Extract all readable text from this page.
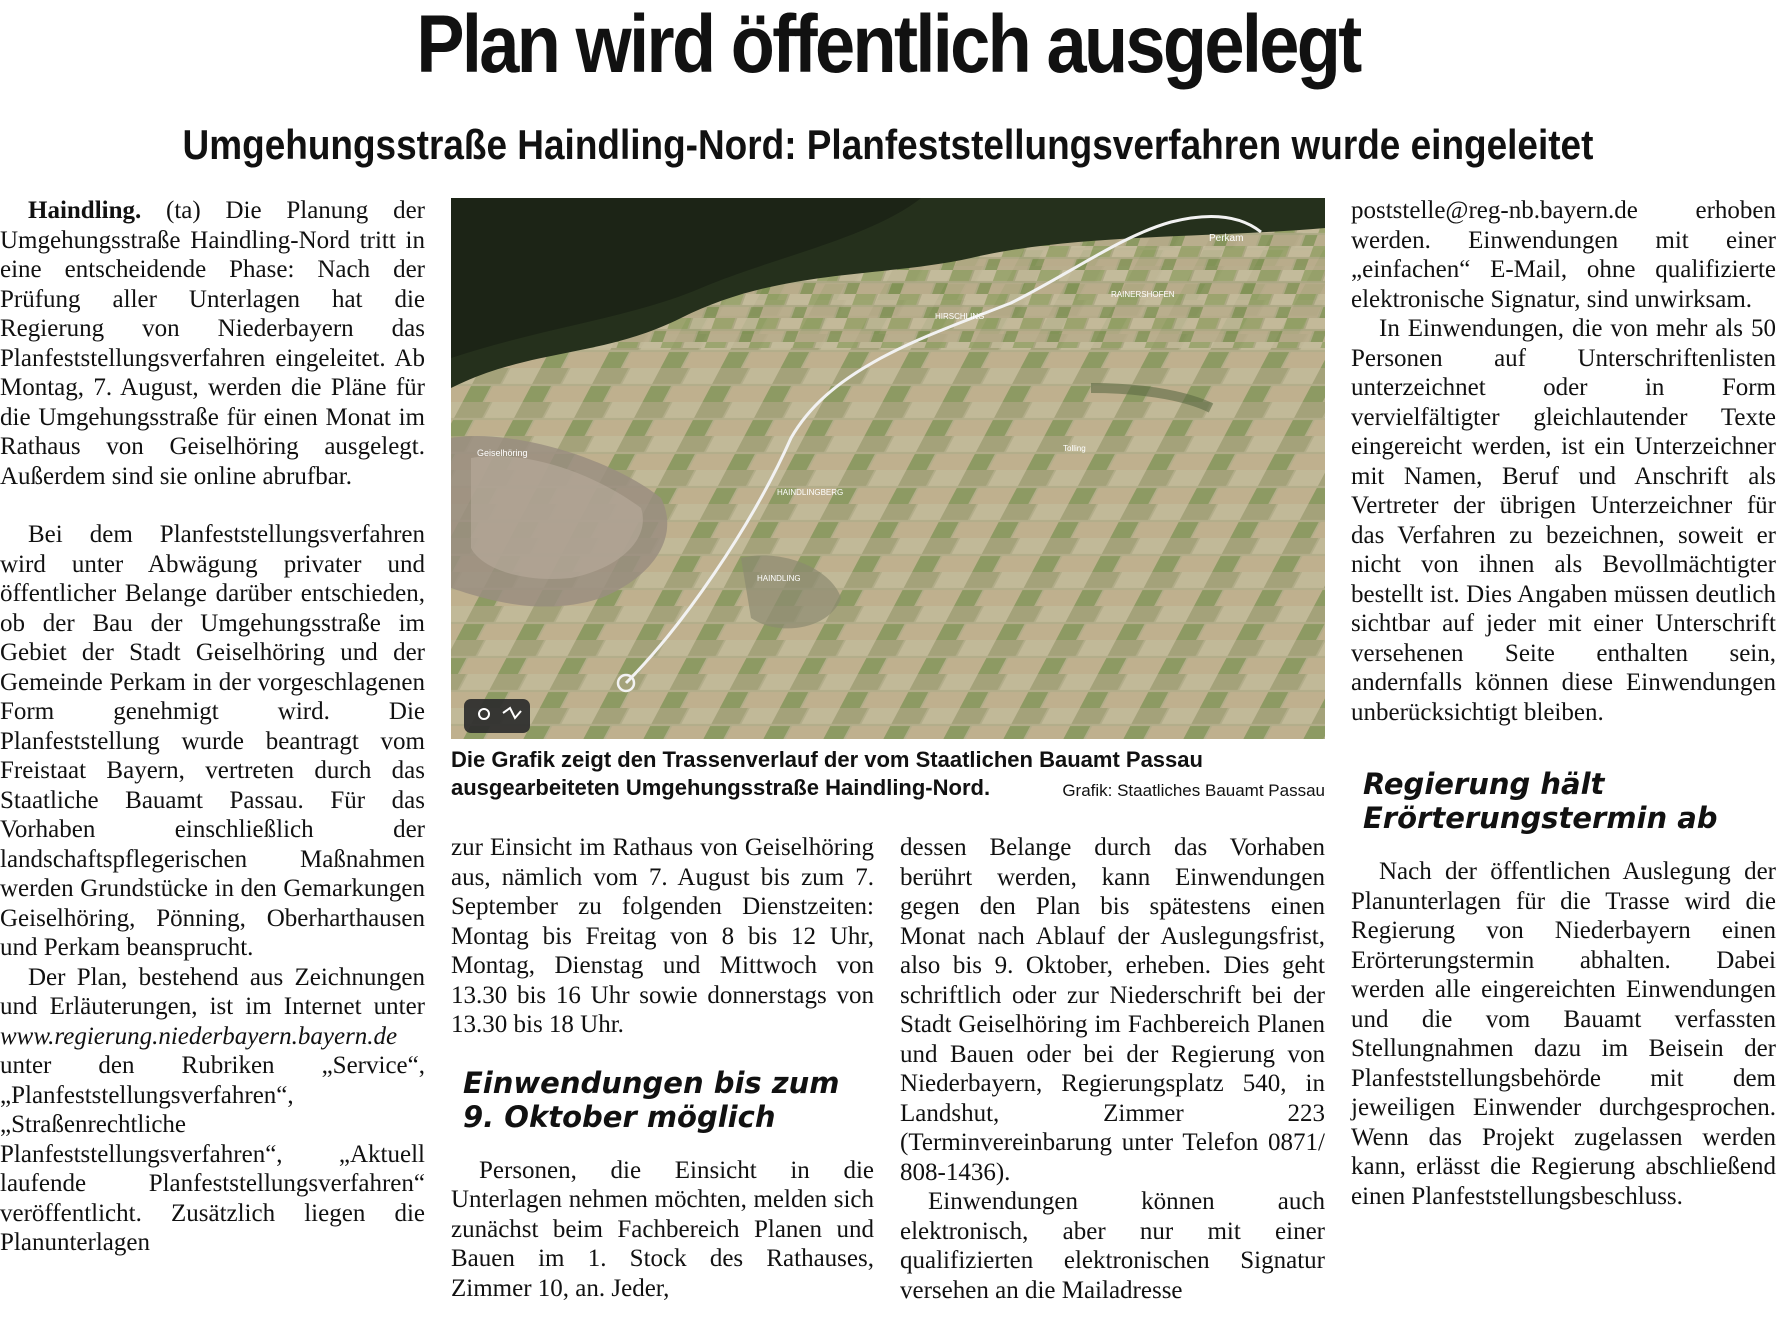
Plan wird öffentlich ausgelegt
Umgehungsstraße Haindling-Nord: Planfeststellungsverfahren wurde eingeleitet

Haindling. (ta) Die Planung der Umgehungsstraße Haindling-Nord tritt in eine entscheidende Phase: Nach der Prüfung aller Unterlagen hat die Regierung von Niederbayern das Planfeststellungsverfahren eingeleitet. Ab Montag, 7. August, werden die Pläne für die Umgehungsstraße für einen Monat im Rathaus von Geiselhöring ausgelegt. Außerdem sind sie online abrufbar.

Bei dem Planfeststellungsverfahren wird unter Abwägung privater und öffentlicher Belange darüber entschieden, ob der Bau der Umgehungsstraße im Gebiet der Stadt Geiselhöring und der Gemeinde Perkam in der vorgeschlagenen Form genehmigt wird. Die Planfeststellung wurde beantragt vom Freistaat Bayern, vertreten durch das Staatliche Bauamt Passau. Für das Vorhaben einschließlich der landschaftspflegerischen Maßnahmen werden Grundstücke in den Gemarkungen Geiselhöring, Pönning, Oberharthausen und Perkam beansprucht.

Der Plan, bestehend aus Zeichnungen und Erläuterungen, ist im Internet unter www.regierung.niederbayern.bayern.de unter den Rubriken „Service“, „Planfeststellungsverfahren“, „Straßenrechtliche Planfeststellungsverfahren“, „Aktuell laufende Planfeststellungsverfahren“ veröffentlicht. Zusätzlich liegen die Planunterlagen

Perkam
HIRSCHLING
RAINERSHOFEN
Geiselhöring
HAINDLINGBERG
HAINDLING
Tolling
Die Grafik zeigt den Trassenverlauf der vom Staatlichen Bauamt Passau ausgearbeiteten Umgehungsstraße Haindling-Nord.	Grafik: Staatliches Bauamt Passau

zur Einsicht im Rathaus von Geiselhöring aus, nämlich vom 7. August bis zum 7. September zu folgenden Dienstzeiten: Montag bis Freitag von 8 bis 12 Uhr, Montag, Dienstag und Mittwoch von 13.30 bis 16 Uhr sowie donnerstags von 13.30 bis 18 Uhr.

Einwendungen bis zum 9. Oktober möglich

Personen, die Einsicht in die Unterlagen nehmen möchten, melden sich zunächst beim Fachbereich Planen und Bauen im 1. Stock des Rathauses, Zimmer 10, an. Jeder,

dessen Belange durch das Vorhaben berührt werden, kann Einwendungen gegen den Plan bis spätestens einen Monat nach Ablauf der Auslegungsfrist, also bis 9. Oktober, erheben. Dies geht schriftlich oder zur Niederschrift bei der Stadt Geiselhöring im Fachbereich Planen und Bauen oder bei der Regierung von Niederbayern, Regierungsplatz 540, in Landshut, Zimmer 223 (Terminvereinbarung unter Telefon 0871/ 808-1436).

Einwendungen können auch elektronisch, aber nur mit einer qualifizierten elektronischen Signatur versehen an die Mailadresse

poststelle@reg-nb.bayern.de erhoben werden. Einwendungen mit einer „einfachen“ E-Mail, ohne qualifizierte elektronische Signatur, sind unwirksam.

In Einwendungen, die von mehr als 50 Personen auf Unterschriftenlisten unterzeichnet oder in Form vervielfältigter gleichlautender Texte eingereicht werden, ist ein Unterzeichner mit Namen, Beruf und Anschrift als Vertreter der übrigen Unterzeichner für das Verfahren zu bezeichnen, soweit er nicht von ihnen als Bevollmächtigter bestellt ist. Dies Angaben müssen deutlich sichtbar auf jeder mit einer Unterschrift versehenen Seite enthalten sein, andernfalls können diese Einwendungen unberücksichtigt bleiben.

Regierung hält Erörterungstermin ab

Nach der öffentlichen Auslegung der Planunterlagen für die Trasse wird die Regierung von Niederbayern einen Erörterungstermin abhalten. Dabei werden alle eingereichten Einwendungen und die vom Bauamt verfassten Stellungnahmen dazu im Beisein der Planfeststellungsbehörde mit dem jeweiligen Einwender durchgesprochen. Wenn das Projekt zugelassen werden kann, erlässt die Regierung abschließend einen Planfeststellungsbeschluss.
